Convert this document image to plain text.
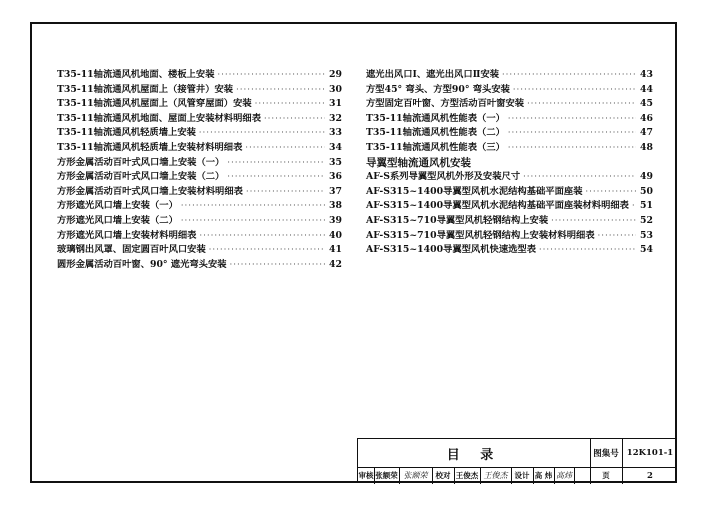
T35-11轴流通风机地面、楼板上安装 ·····	29
T35-11轴流通风机屋面上（接管井）安装 ·····	30
T35-11轴流通风机屋面上（风管穿屋面）安装 ·····	31
T35-11轴流通风机地面、屋面上安装材料明细表 ·····	32
T35-11轴流通风机轻质墙上安装 ·····	33
T35-11轴流通风机轻质墙上安装材料明细表 ·····	34
方形金属活动百叶式风口墙上安装（一） ·····	35
方形金属活动百叶式风口墙上安装（二） ·····	36
方形金属活动百叶式风口墙上安装材料明细表 ·····	37
方形遮光风口墙上安装（一） ·····	38
方形遮光风口墙上安装（二） ·····	39
方形遮光风口墙上安装材料明细表 ·····	40
玻璃钢出风罩、固定圆百叶风口安装 ·····	41
圆形金属活动百叶窗、90° 遮光弯头安装 ·····	42
遮光出风口Ⅰ、遮光出风口Ⅱ安装 ·····	43
方型45° 弯头、方型90° 弯头安装 ·····	44
方型固定百叶窗、方型活动百叶窗安装 ·····	45
T35-11轴流通风机性能表（一） ·····	46
T35-11轴流通风机性能表（二） ·····	47
T35-11轴流通风机性能表（三） ·····	48
导翼型轴流通风机安装
AF-S系列导翼型风机外形及安装尺寸 ·····	49
AF-S315~1400导翼型风机水泥结构基础平面座装 ·····	50
AF-S315~1400导翼型风机水泥结构基础平面座装材料明细表 ····· 51
AF-S315~710导翼型风机轻钢结构上安装 ·····	52
AF-S315~710导翼型风机轻钢结构上安装材料明细表 ·····	53
AF-S315~1400导翼型风机快速选型表 ·····	54
目 录	图集号 12K101-1
审核 张额荣 张额荣	校对 王俊杰 王俊杰 设计 高 炜 高炜	页	2
